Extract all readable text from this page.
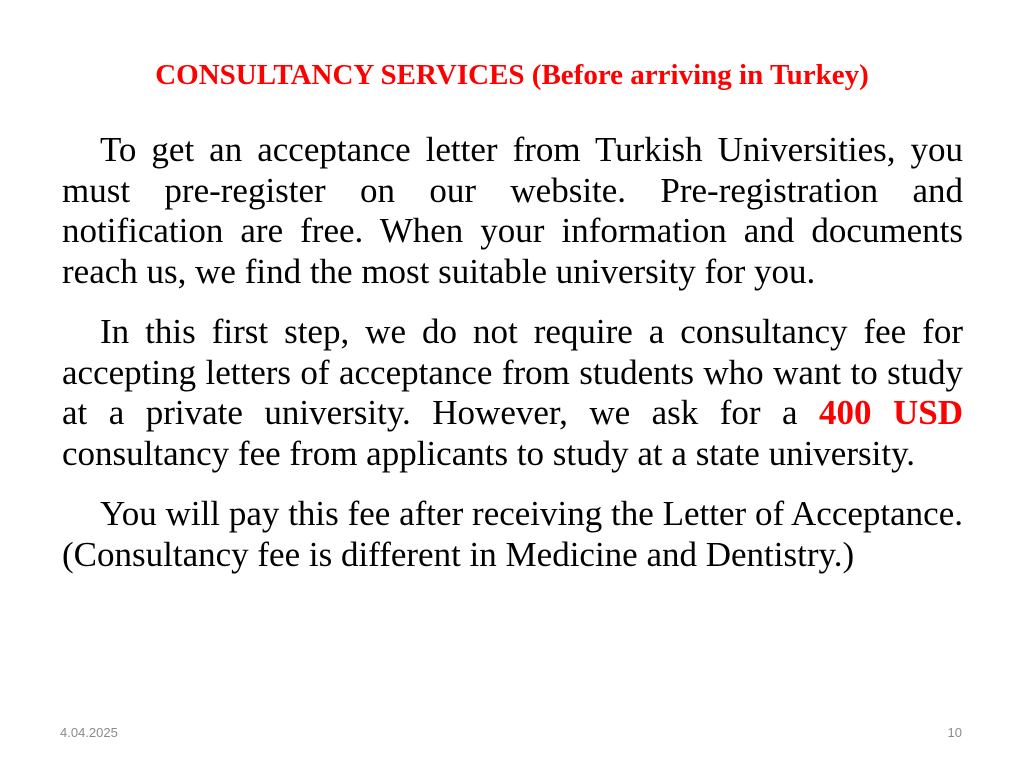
CONSULTANCY SERVICES (Before arriving in Turkey)

To get an acceptance letter from Turkish Universities, you must pre-register on our website. Pre-registration and notification are free. When your information and documents reach us, we find the most suitable university for you.

In this first step, we do not require a consultancy fee for accepting letters of acceptance from students who want to study at a private university. However, we ask for a 400 USD consultancy fee from applicants to study at a state university.

You will pay this fee after receiving the Letter of Acceptance. (Consultancy fee is different in Medicine and Dentistry.)

4.04.2025	10
